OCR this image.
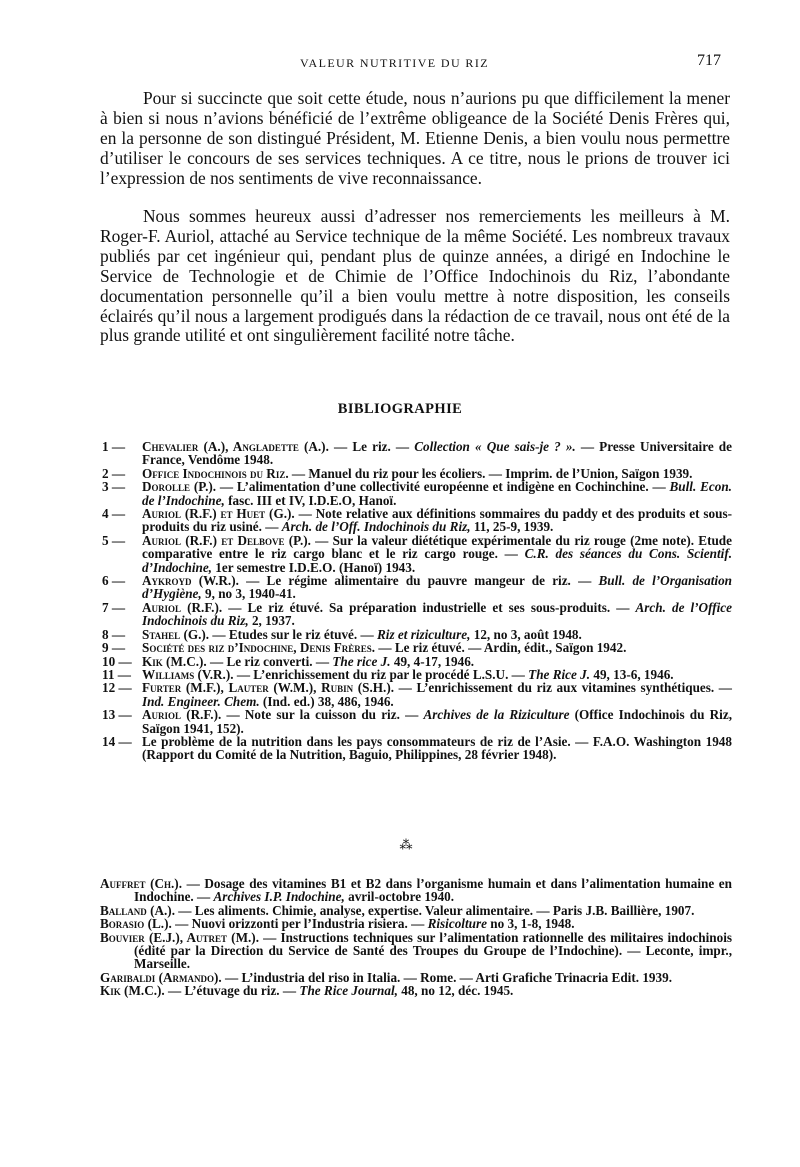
VALEUR NUTRITIVE DU RIZ	717

Pour si succincte que soit cette étude, nous n’aurions pu que difficilement la mener à bien si nous n’avions bénéficié de l’extrême obligeance de la Société Denis Frères qui, en la personne de son distingué Président, M. Etienne Denis, a bien voulu nous permettre d’utiliser le concours de ses services techniques. A ce titre, nous le prions de trouver ici l’expression de nos sentiments de vive reconnaissance.

Nous sommes heureux aussi d’adresser nos remerciements les meilleurs à M. Roger-F. Auriol, attaché au Service technique de la même Société. Les nombreux travaux publiés par cet ingénieur qui, pendant plus de quinze années, a dirigé en Indochine le Service de Technologie et de Chimie de l’Office Indochinois du Riz, l’abondante documentation personnelle qu’il a bien voulu mettre à notre disposition, les conseils éclairés qu’il nous a largement prodigués dans la rédaction de ce travail, nous ont été de la plus grande utilité et ont singulièrement facilité notre tâche.

BIBLIOGRAPHIE
1 —	Chevalier (A.), Angladette (A.). — Le riz. — Collection « Que sais-je ? ». — Presse Universitaire de France, Vendôme 1948.
2 —	Office Indochinois du Riz. — Manuel du riz pour les écoliers. — Imprim. de l’Union, Saïgon 1939.
3 —	Dorolle (P.). — L’alimentation d’une collectivité européenne et indigène en Cochinchine. — Bull. Econ. de l’Indochine, fasc. III et IV, I.D.E.O, Hanoï.
4 —	Auriol (R.F.) et Huet (G.). — Note relative aux définitions sommaires du paddy et des produits et sous-produits du riz usiné. — Arch. de l’Off. Indochinois du Riz, 11, 25-9, 1939.
5 —	Auriol (R.F.) et Delbove (P.). — Sur la valeur diététique expérimentale du riz rouge (2me note). Etude comparative entre le riz cargo blanc et le riz cargo rouge. — C.R. des séances du Cons. Scientif. d’Indochine, 1er semestre I.D.E.O. (Hanoï) 1943.
6 —	Aykroyd (W.R.). — Le régime alimentaire du pauvre mangeur de riz. — Bull. de l’Organisation d’Hygiène, 9, no 3, 1940-41.
7 —	Auriol (R.F.). — Le riz étuvé. Sa préparation industrielle et ses sous-produits. — Arch. de l’Office Indochinois du Riz, 2, 1937.
8 —	Stahel (G.). — Etudes sur le riz étuvé. — Riz et riziculture, 12, no 3, août 1948.
9 —	Société des riz d’Indochine, Denis Frères. — Le riz étuvé. — Ardin, édit., Saïgon 1942.
10 — Kik (M.C.). — Le riz converti. — The rice J. 49, 4-17, 1946.
11 — Williams (V.R.). — L’enrichissement du riz par le procédé L.S.U. — The Rice J. 49, 13-6, 1946.
12 — Furter (M.F.), Lauter (W.M.), Rubin (S.H.). — L’enrichissement du riz aux vitamines synthétiques. — Ind. Engineer. Chem. (Ind. ed.) 38, 486, 1946.
13 — Auriol (R.F.). — Note sur la cuisson du riz. — Archives de la Riziculture (Office Indochinois du Riz, Saïgon 1941, 152).
14 — Le problème de la nutrition dans les pays consommateurs de riz de l’Asie. — F.A.O. Washington 1948 (Rapport du Comité de la Nutrition, Baguio, Philippines, 28 février 1948).
⁂
Auffret (Ch.). — Dosage des vitamines B1 et B2 dans l’organisme humain et dans l’alimentation humaine en Indochine. — Archives I.P. Indochine, avril-octobre 1940.
Balland (A.). — Les aliments. Chimie, analyse, expertise. Valeur alimentaire. — Paris J.B. Baillière, 1907.
Borasio (L.). — Nuovi orizzonti per l’Industria risiera. — Risicolture no 3, 1-8, 1948.
Bouvier (E.J.), Autret (M.). — Instructions techniques sur l’alimentation rationnelle des militaires indochinois (édité par la Direction du Service de Santé des Troupes du Groupe de l’Indochine). — Leconte, impr., Marseille.
Garibaldi (Armando). — L’industria del riso in Italia. — Rome. — Arti Grafiche Trinacria Edit. 1939.
Kik (M.C.). — L’étuvage du riz. — The Rice Journal, 48, no 12, déc. 1945.
